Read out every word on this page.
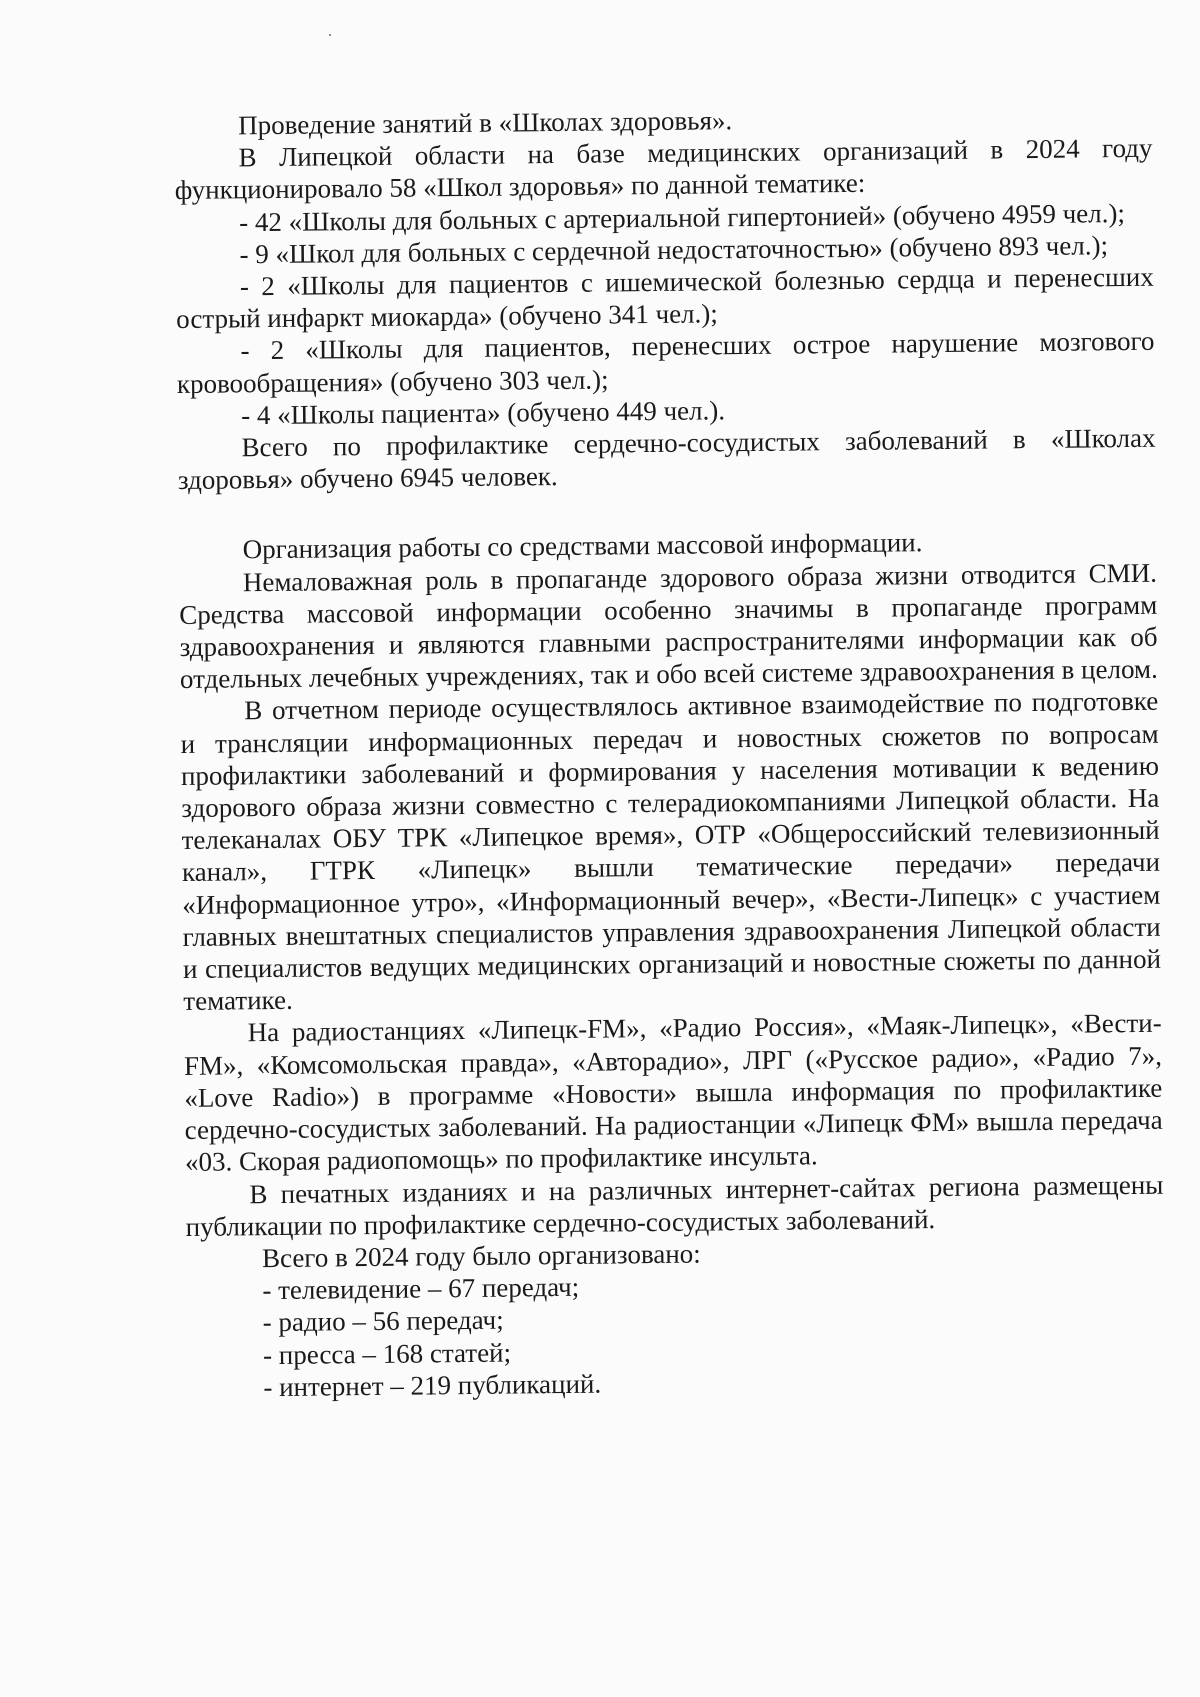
Проведение занятий в «Школах здоровья».

В Липецкой области на базе медицинских организаций в 2024 году функционировало 58 «Школ здоровья» по данной тематике:

- 42 «Школы для больных с артериальной гипертонией» (обучено 4959 чел.);

- 9 «Школ для больных с сердечной недостаточностью» (обучено 893 чел.);

- 2 «Школы для пациентов с ишемической болезнью сердца и перенесших острый инфаркт миокарда» (обучено 341 чел.);

- 2 «Школы для пациентов, перенесших острое нарушение мозгового кровообращения» (обучено 303 чел.);

- 4 «Школы пациента» (обучено 449 чел.).

Всего по профилактике сердечно-сосудистых заболеваний в «Школах здоровья» обучено 6945 человек.

Организация работы со средствами массовой информации.

Немаловажная роль в пропаганде здорового образа жизни отводится СМИ. Средства массовой информации особенно значимы в пропаганде программ здравоохранения и являются главными распространителями информации как об отдельных лечебных учреждениях, так и обо всей системе здравоохранения в целом.

В отчетном периоде осуществлялось активное взаимодействие по подготовке и трансляции информационных передач и новостных сюжетов по вопросам профилактики заболеваний и формирования у населения мотивации к ведению здорового образа жизни совместно с телерадиокомпаниями Липецкой области. На телеканалах ОБУ ТРК «Липецкое время», ОТР «Общероссийский телевизионный канал», ГТРК «Липецк» вышли тематические передачи» передачи «Информационное утро», «Информационный вечер», «Вести-Липецк» с участием главных внештатных специалистов управления здравоохранения Липецкой области и специалистов ведущих медицинских организаций и новостные сюжеты по данной тематике.

На радиостанциях «Липецк-FM», «Радио Россия», «Маяк-Липецк», «Вести-FM», «Комсомольская правда», «Авторадио», ЛРГ («Русское радио», «Радио 7», «Love Radio») в программе «Новости» вышла информация по профилактике сердечно-сосудистых заболеваний. На радиостанции «Липецк ФМ» вышла передача «03. Скорая радиопомощь» по профилактике инсульта.

В печатных изданиях и на различных интернет-сайтах региона размещены публикации по профилактике сердечно-сосудистых заболеваний.

Всего в 2024 году было организовано:

- телевидение – 67 передач;

- радио – 56 передач;

- пресса – 168 статей;

- интернет – 219 публикаций.
